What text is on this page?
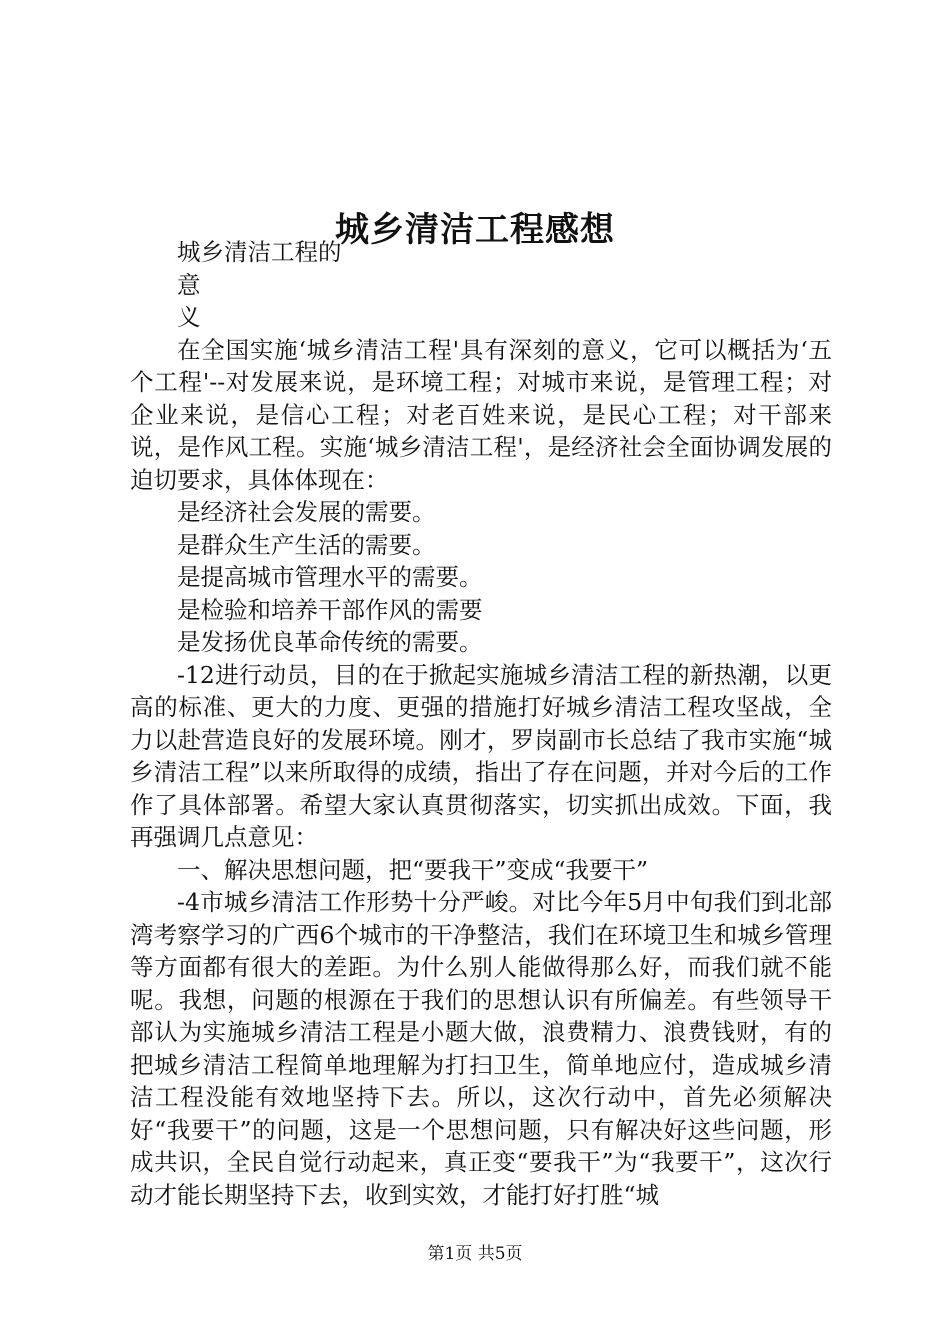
城乡清洁工程感想

城乡清洁工程的

意

义

在全国实施‘城乡清洁工程'具有深刻的意义，它可以概括为‘五个工程'--对发展来说，是环境工程；对城市来说，是管理工程；对企业来说，是信心工程；对老百姓来说，是民心工程；对干部来说，是作风工程。实施‘城乡清洁工程'，是经济社会全面协调发展的迫切要求，具体体现在：

是经济社会发展的需要。

是群众生产生活的需要。

是提高城市管理水平的需要。

是检验和培养干部作风的需要

是发扬优良革命传统的需要。

-12进行动员，目的在于掀起实施城乡清洁工程的新热潮，以更高的标准、更大的力度、更强的措施打好城乡清洁工程攻坚战，全力以赴营造良好的发展环境。刚才，罗岗副市长总结了我市实施“城乡清洁工程”以来所取得的成绩，指出了存在问题，并对今后的工作作了具体部署。希望大家认真贯彻落实，切实抓出成效。下面，我再强调几点意见：

一、解决思想问题，把“要我干”变成“我要干”

-4市城乡清洁工作形势十分严峻。对比今年5月中旬我们到北部湾考察学习的广西6个城市的干净整洁，我们在环境卫生和城乡管理等方面都有很大的差距。为什么别人能做得那么好，而我们就不能呢。我想，问题的根源在于我们的思想认识有所偏差。有些领导干部认为实施城乡清洁工程是小题大做，浪费精力、浪费钱财，有的把城乡清洁工程简单地理解为打扫卫生，简单地应付，造成城乡清洁工程没能有效地坚持下去。所以，这次行动中，首先必须解决好“我要干”的问题，这是一个思想问题，只有解决好这些问题，形成共识，全民自觉行动起来，真正变“要我干”为“我要干”，这次行动才能长期坚持下去，收到实效，才能打好打胜“城

第1页 共5页
